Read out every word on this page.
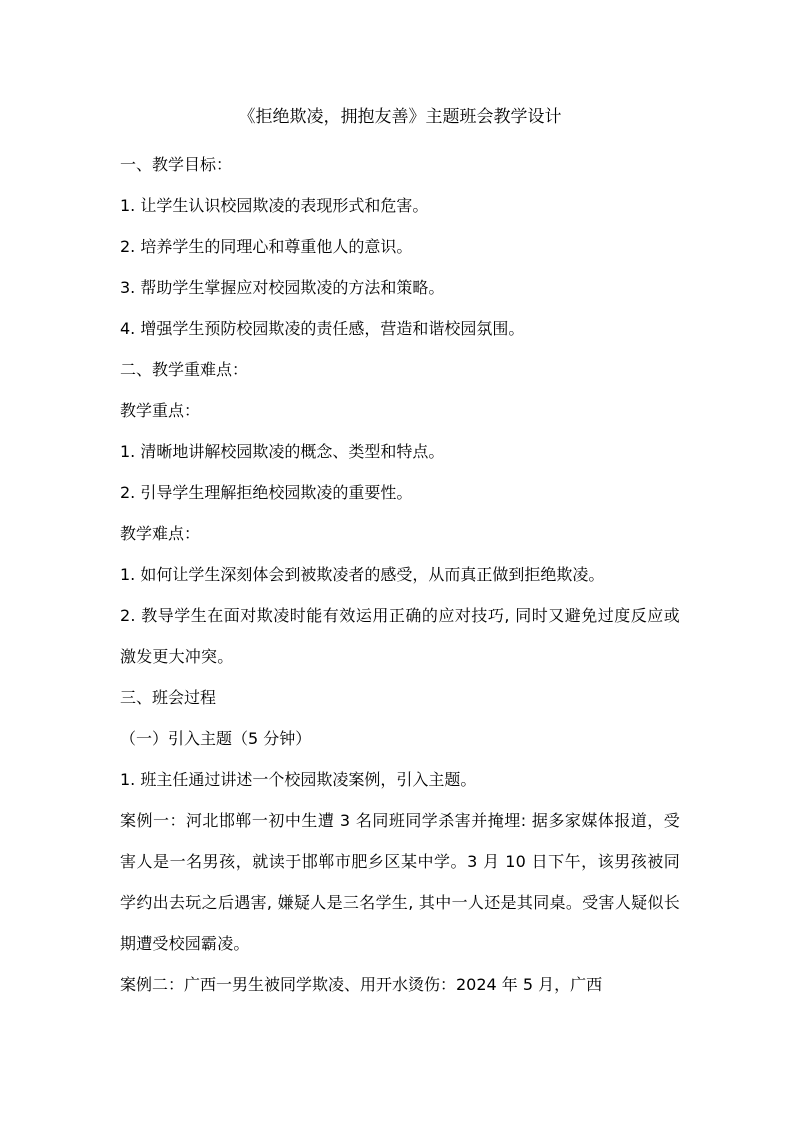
《拒绝欺凌，拥抱友善》主题班会教学设计

一、教学目标：

1. 让学生认识校园欺凌的表现形式和危害。

2. 培养学生的同理心和尊重他人的意识。

3. 帮助学生掌握应对校园欺凌的方法和策略。

4. 增强学生预防校园欺凌的责任感，营造和谐校园氛围。

二、教学重难点：

教学重点：

1. 清晰地讲解校园欺凌的概念、类型和特点。

2. 引导学生理解拒绝校园欺凌的重要性。

教学难点：

1. 如何让学生深刻体会到被欺凌者的感受，从而真正做到拒绝欺凌。

2. 教导学生在面对欺凌时能有效运用正确的应对技巧, 同时又避免过度反应或激发更大冲突。

三、班会过程

（一）引入主题（5 分钟）

1. 班主任通过讲述一个校园欺凌案例，引入主题。

案例一：河北邯郸一初中生遭 3 名同班同学杀害并掩埋: 据多家媒体报道，受害人是一名男孩，就读于邯郸市肥乡区某中学。3 月 10 日下午，该男孩被同学约出去玩之后遇害, 嫌疑人是三名学生, 其中一人还是其同桌。受害人疑似长期遭受校园霸凌。

案例二：广西一男生被同学欺凌、用开水烫伤：2024 年 5 月，广西
